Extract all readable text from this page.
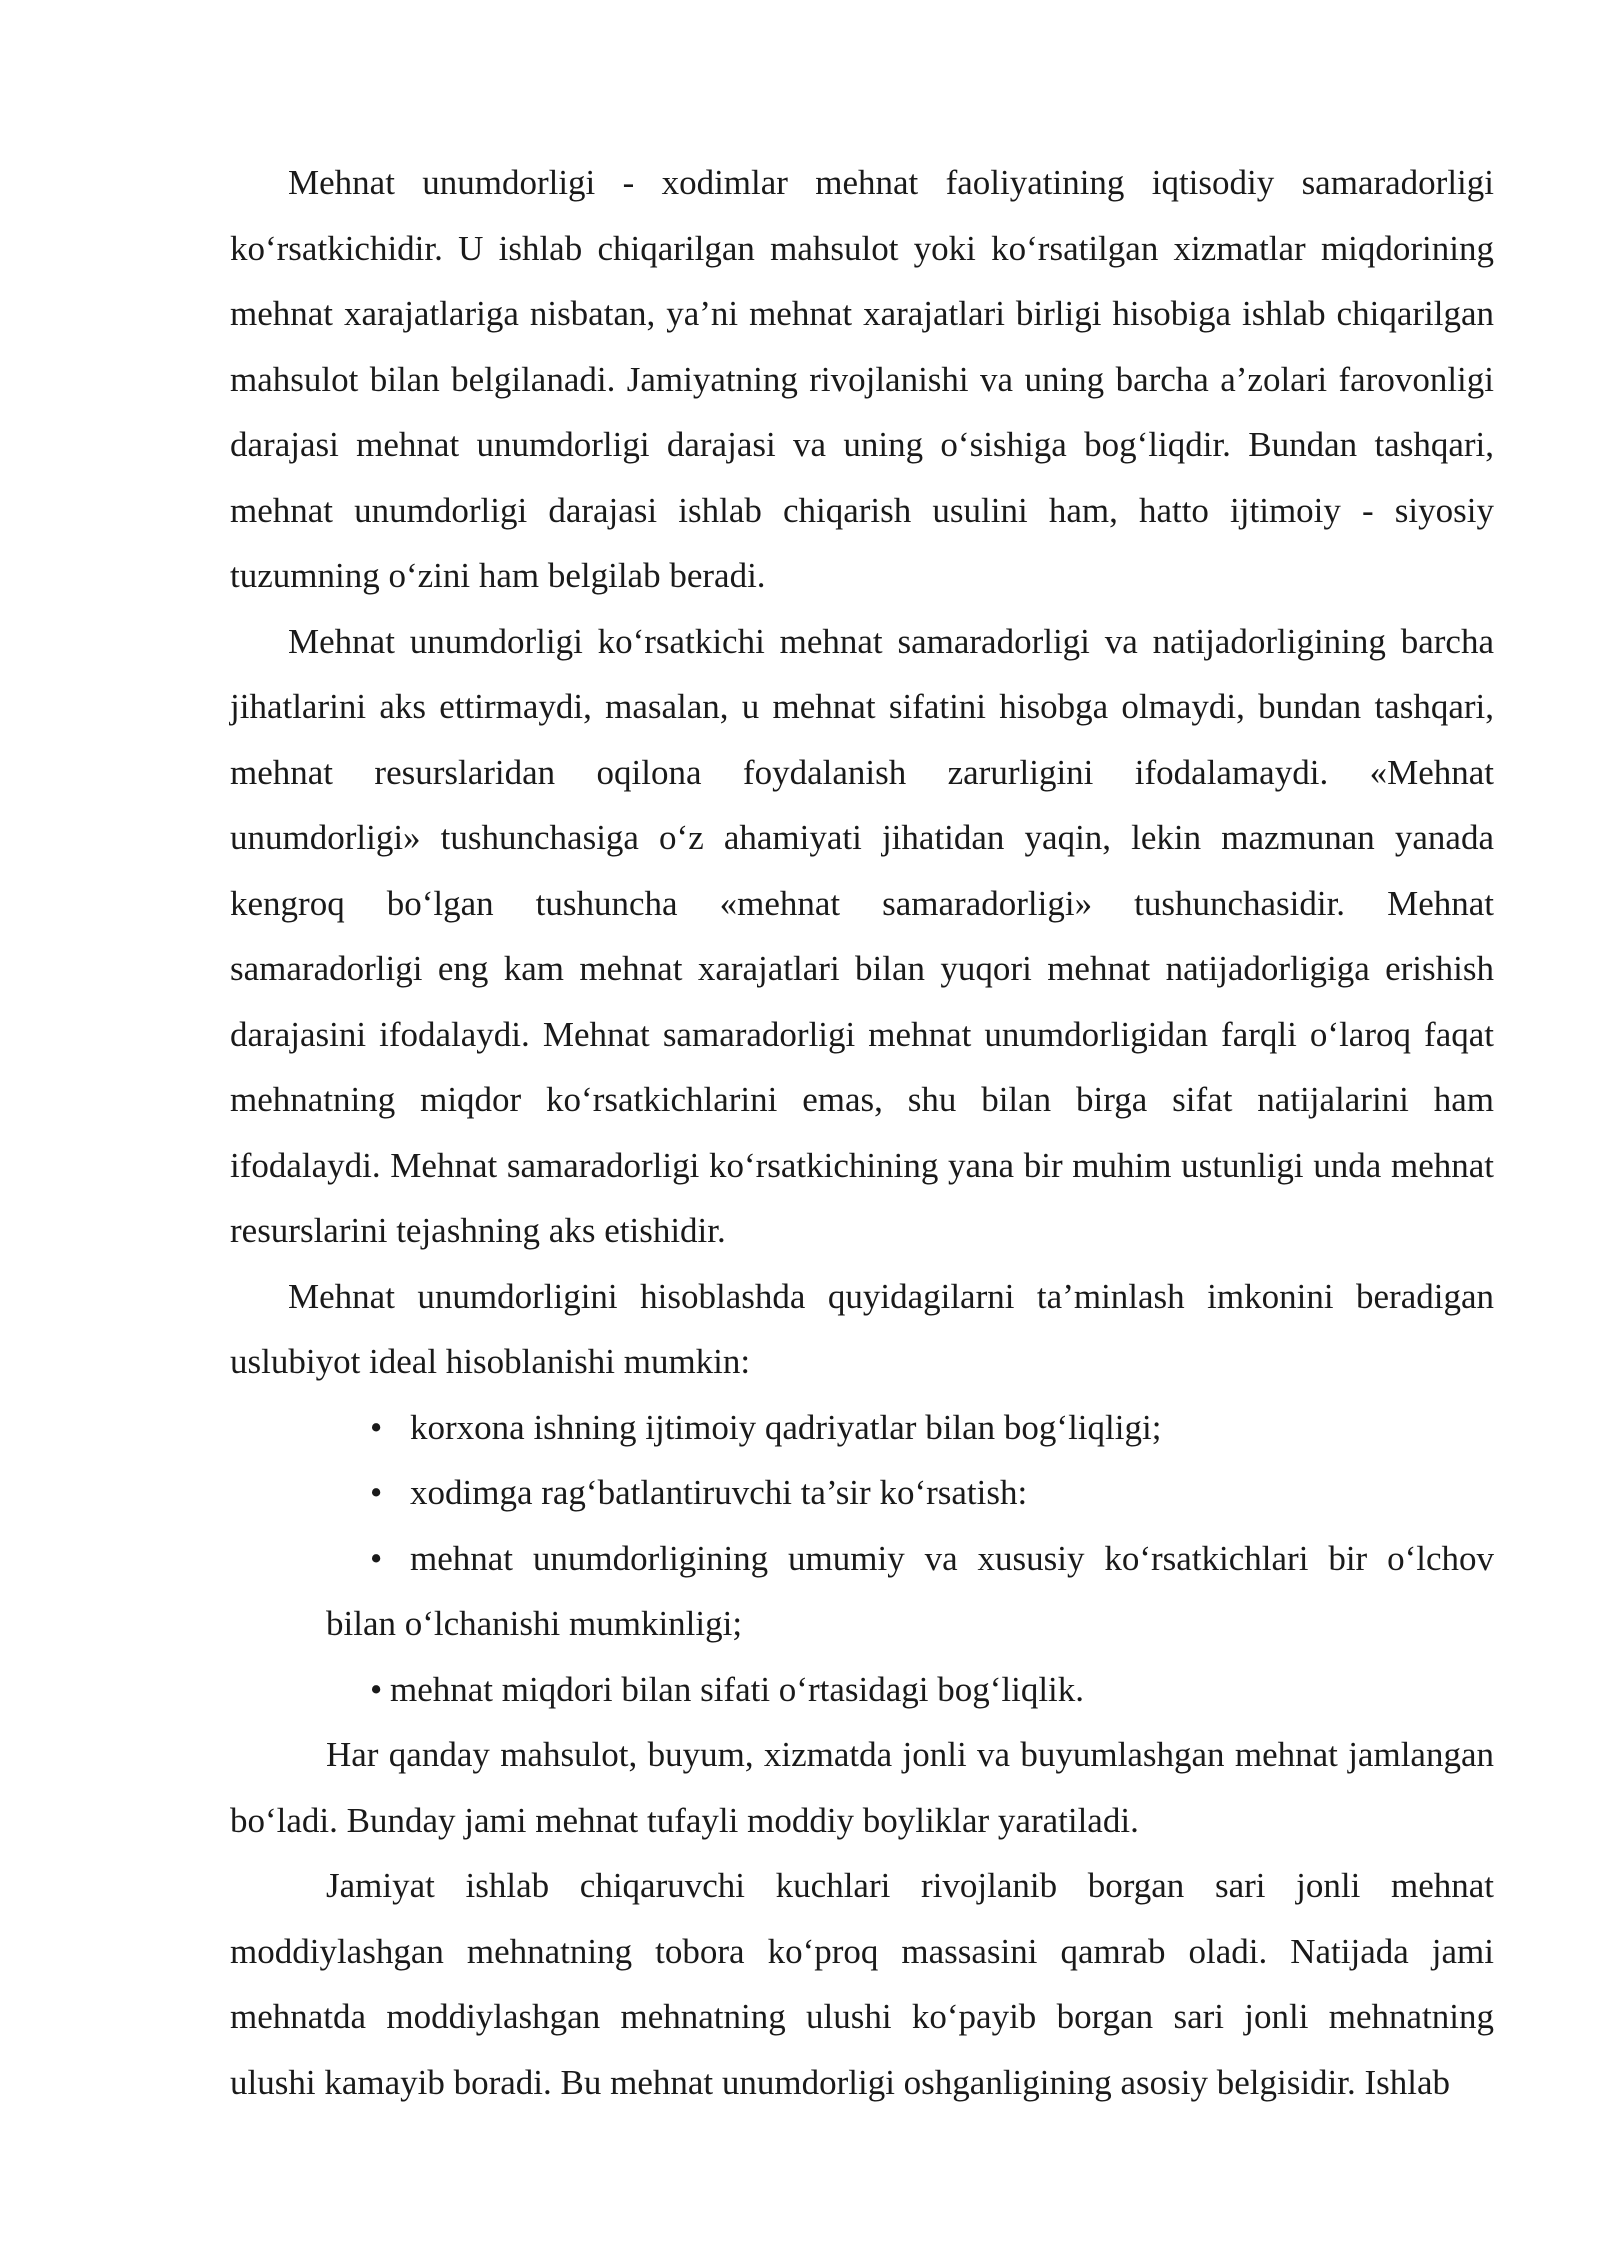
Mehnat unumdorligi - xodimlar mehnat faoliyatining iqtisodiy samaradorligi ko‘rsatkichidir. U ishlab chiqarilgan mahsulot yoki ko‘rsatilgan xizmatlar miqdorining mehnat xarajatlariga nisbatan, ya’ni mehnat xarajatlari birligi hisobiga ishlab chiqarilgan mahsulot bilan belgilanadi. Jamiyatning rivojlanishi va uning barcha a’zolari farovonligi darajasi mehnat unumdorligi darajasi va uning o‘sishiga bog‘liqdir. Bundan tashqari, mehnat unumdorligi darajasi ishlab chiqarish usulini ham, hatto ijtimoiy - siyosiy tuzumning o‘zini ham belgilab beradi.

Mehnat unumdorligi ko‘rsatkichi mehnat samaradorligi va natijadorligining barcha jihatlarini aks ettirmaydi, masalan, u mehnat sifatini hisobga olmaydi, bundan tashqari, mehnat resurslaridan oqilona foydalanish zarurligini ifodalamaydi. «Mehnat unumdorligi» tushunchasiga o‘z ahamiyati jihatidan yaqin, lekin mazmunan yanada kengroq bo‘lgan tushuncha «mehnat samaradorligi» tushunchasidir. Mehnat samaradorligi eng kam mehnat xarajatlari bilan yuqori mehnat natijadorligiga erishish darajasini ifodalaydi. Mehnat samaradorligi mehnat unumdorligidan farqli o‘laroq faqat mehnatning miqdor ko‘rsatkichlarini emas, shu bilan birga sifat natijalarini ham ifodalaydi. Mehnat samaradorligi ko‘rsatkichining yana bir muhim ustunligi unda mehnat resurslarini tejashning aks etishidir.

Mehnat unumdorligini hisoblashda quyidagilarni ta’minlash imkonini beradigan uslubiyot ideal hisoblanishi mumkin:

• korxona ishning ijtimoiy qadriyatlar bilan bog‘liqligi;
• xodimga rag‘batlantiruvchi ta’sir ko‘rsatish:
• mehnat unumdorligining umumiy va xususiy ko‘rsatkichlari bir o‘lchov bilan o‘lchanishi mumkinligi;
• mehnat miqdori bilan sifati o‘rtasidagi bog‘liqlik.

Har qanday mahsulot, buyum, xizmatda jonli va buyumlashgan mehnat jamlangan bo‘ladi. Bunday jami mehnat tufayli moddiy boyliklar yaratiladi.

Jamiyat ishlab chiqaruvchi kuchlari rivojlanib borgan sari jonli mehnat moddiylashgan mehnatning tobora ko‘proq massasini qamrab oladi. Natijada jami mehnatda moddiylashgan mehnatning ulushi ko‘payib borgan sari jonli mehnatning ulushi kamayib boradi. Bu mehnat unumdorligi oshganligining asosiy belgisidir. Ishlab
